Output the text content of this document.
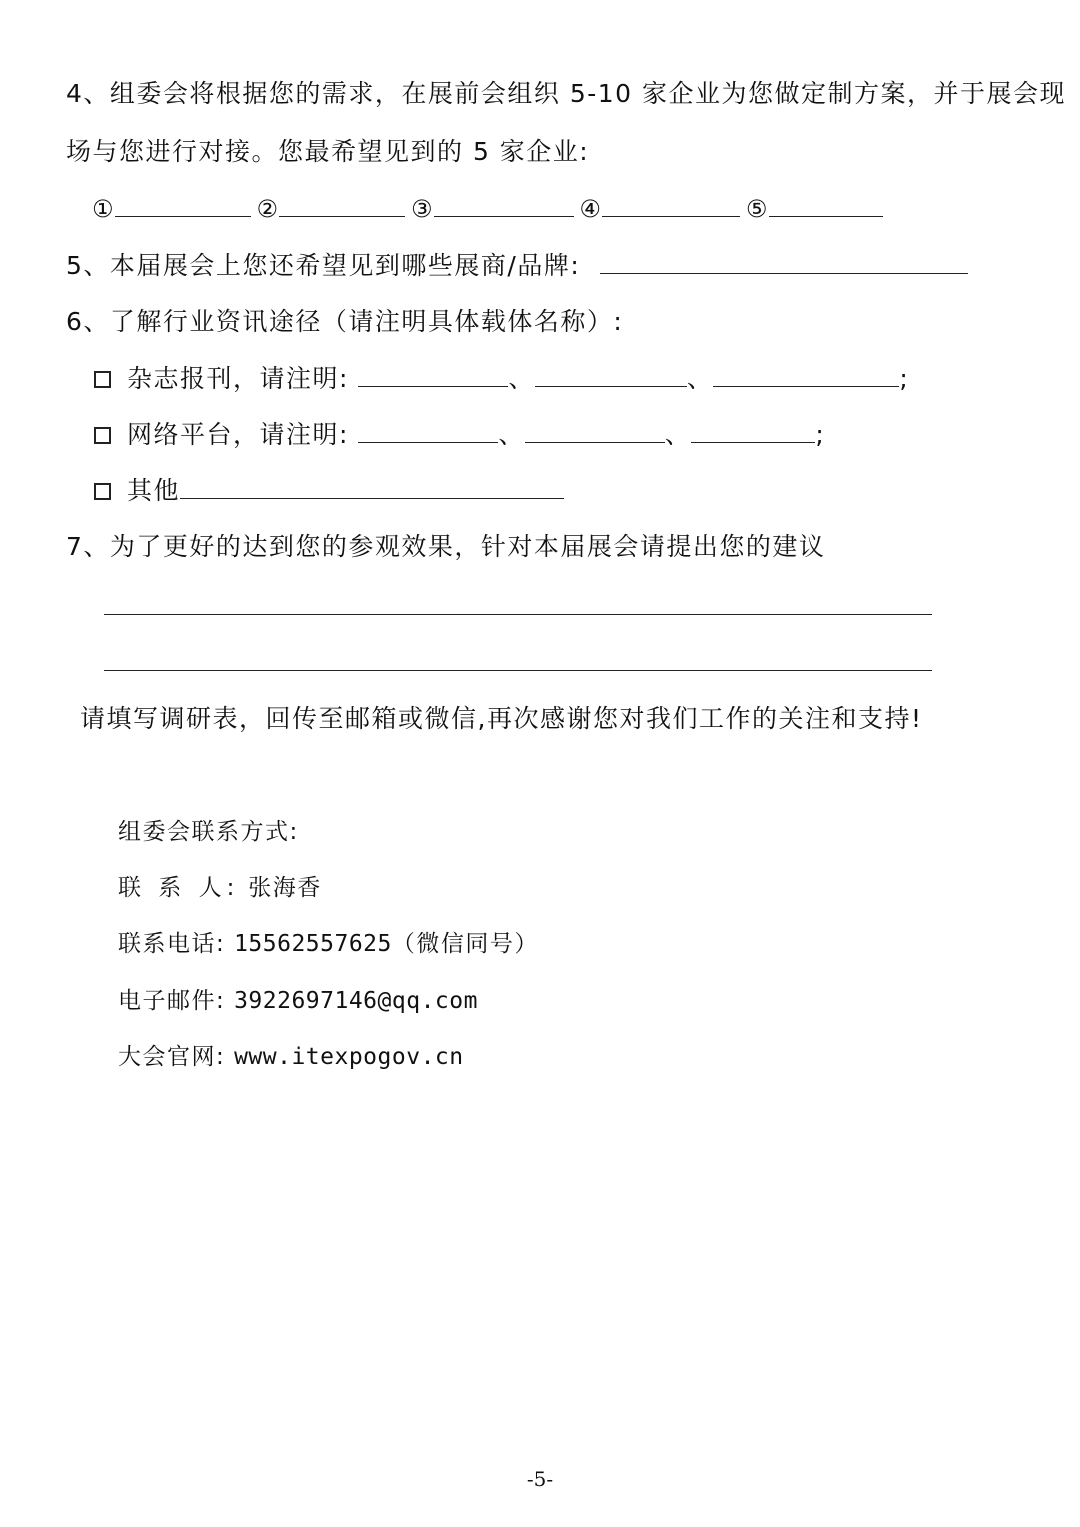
4、组委会将根据您的需求，在展前会组织 5-10 家企业为您做定制方案，并于展会现
场与您进行对接。您最希望见到的 5 家企业:
①	②	③	④	⑤
5、本届展会上您还希望见到哪些展商/品牌:
6、了解行业资讯途径（请注明具体载体名称）:
杂志报刊，请注明:	、	、	;
网络平台，请注明:	、	、	;
其他
7、为了更好的达到您的参观效果，针对本届展会请提出您的建议
请填写调研表，回传至邮箱或微信,再次感谢您对我们工作的关注和支持!
组委会联系方式:
联 系 人: 张海香
联系电话: 15562557625（微信同号）
电子邮件: 3922697146@qq.com
大会官网: www.itexpogov.cn
-5-
